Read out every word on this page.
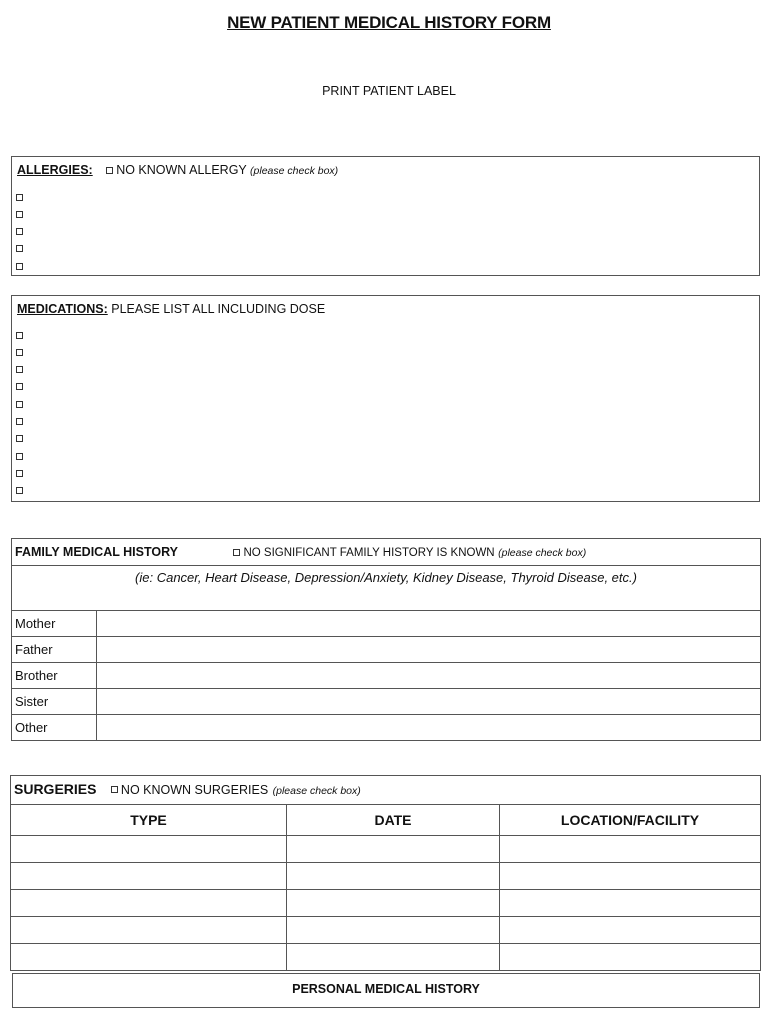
NEW PATIENT MEDICAL HISTORY FORM
PRINT PATIENT LABEL
ALLERGIES: NO KNOWN ALLERGY (please check box)
MEDICATIONS: PLEASE LIST ALL INCLUDING DOSE
FAMILY MEDICAL HISTORY NO SIGNIFICANT FAMILY HISTORY IS KNOWN (please check box)	
(ie: Cancer, Heart Disease, Depression/Anxiety, Kidney Disease, Thyroid Disease, etc.)	
Mother	
Father	
Brother	
Sister	
Other	
SURGERIES NO KNOWN SURGERIES (please check box)		
TYPE	DATE	LOCATION/FACILITY

PERSONAL MEDICAL HISTORY
